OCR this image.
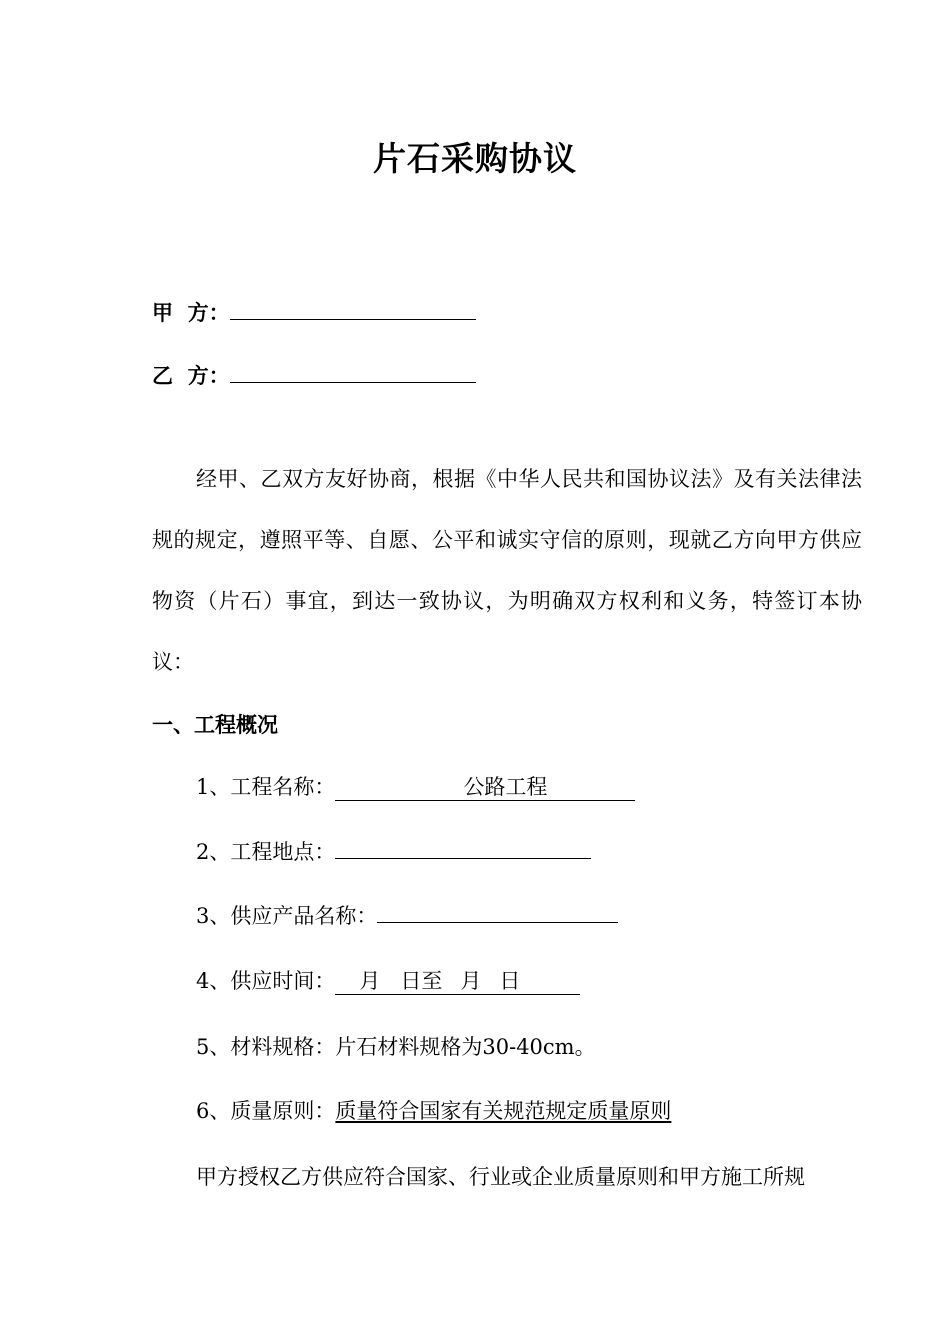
片石采购协议
甲  方：
乙  方：

经甲、乙双方友好协商，根据《中华人民共和国协议法》及有关法律法规的规定，遵照平等、自愿、公平和诚实守信的原则，现就乙方向甲方供应物资（片石）事宜，到达一致协议，为明确双方权利和义务，特签订本协议：

一、工程概况
1、工程名称：	公路工程
2、工程地点：
3、供应产品名称：
4、供应时间： 月 日至 月 日
5、材料规格：片石材料规格为30-40cm。
6、质量原则：质量符合国家有关规范规定质量原则
甲方授权乙方供应符合国家、行业或企业质量原则和甲方施工所规
